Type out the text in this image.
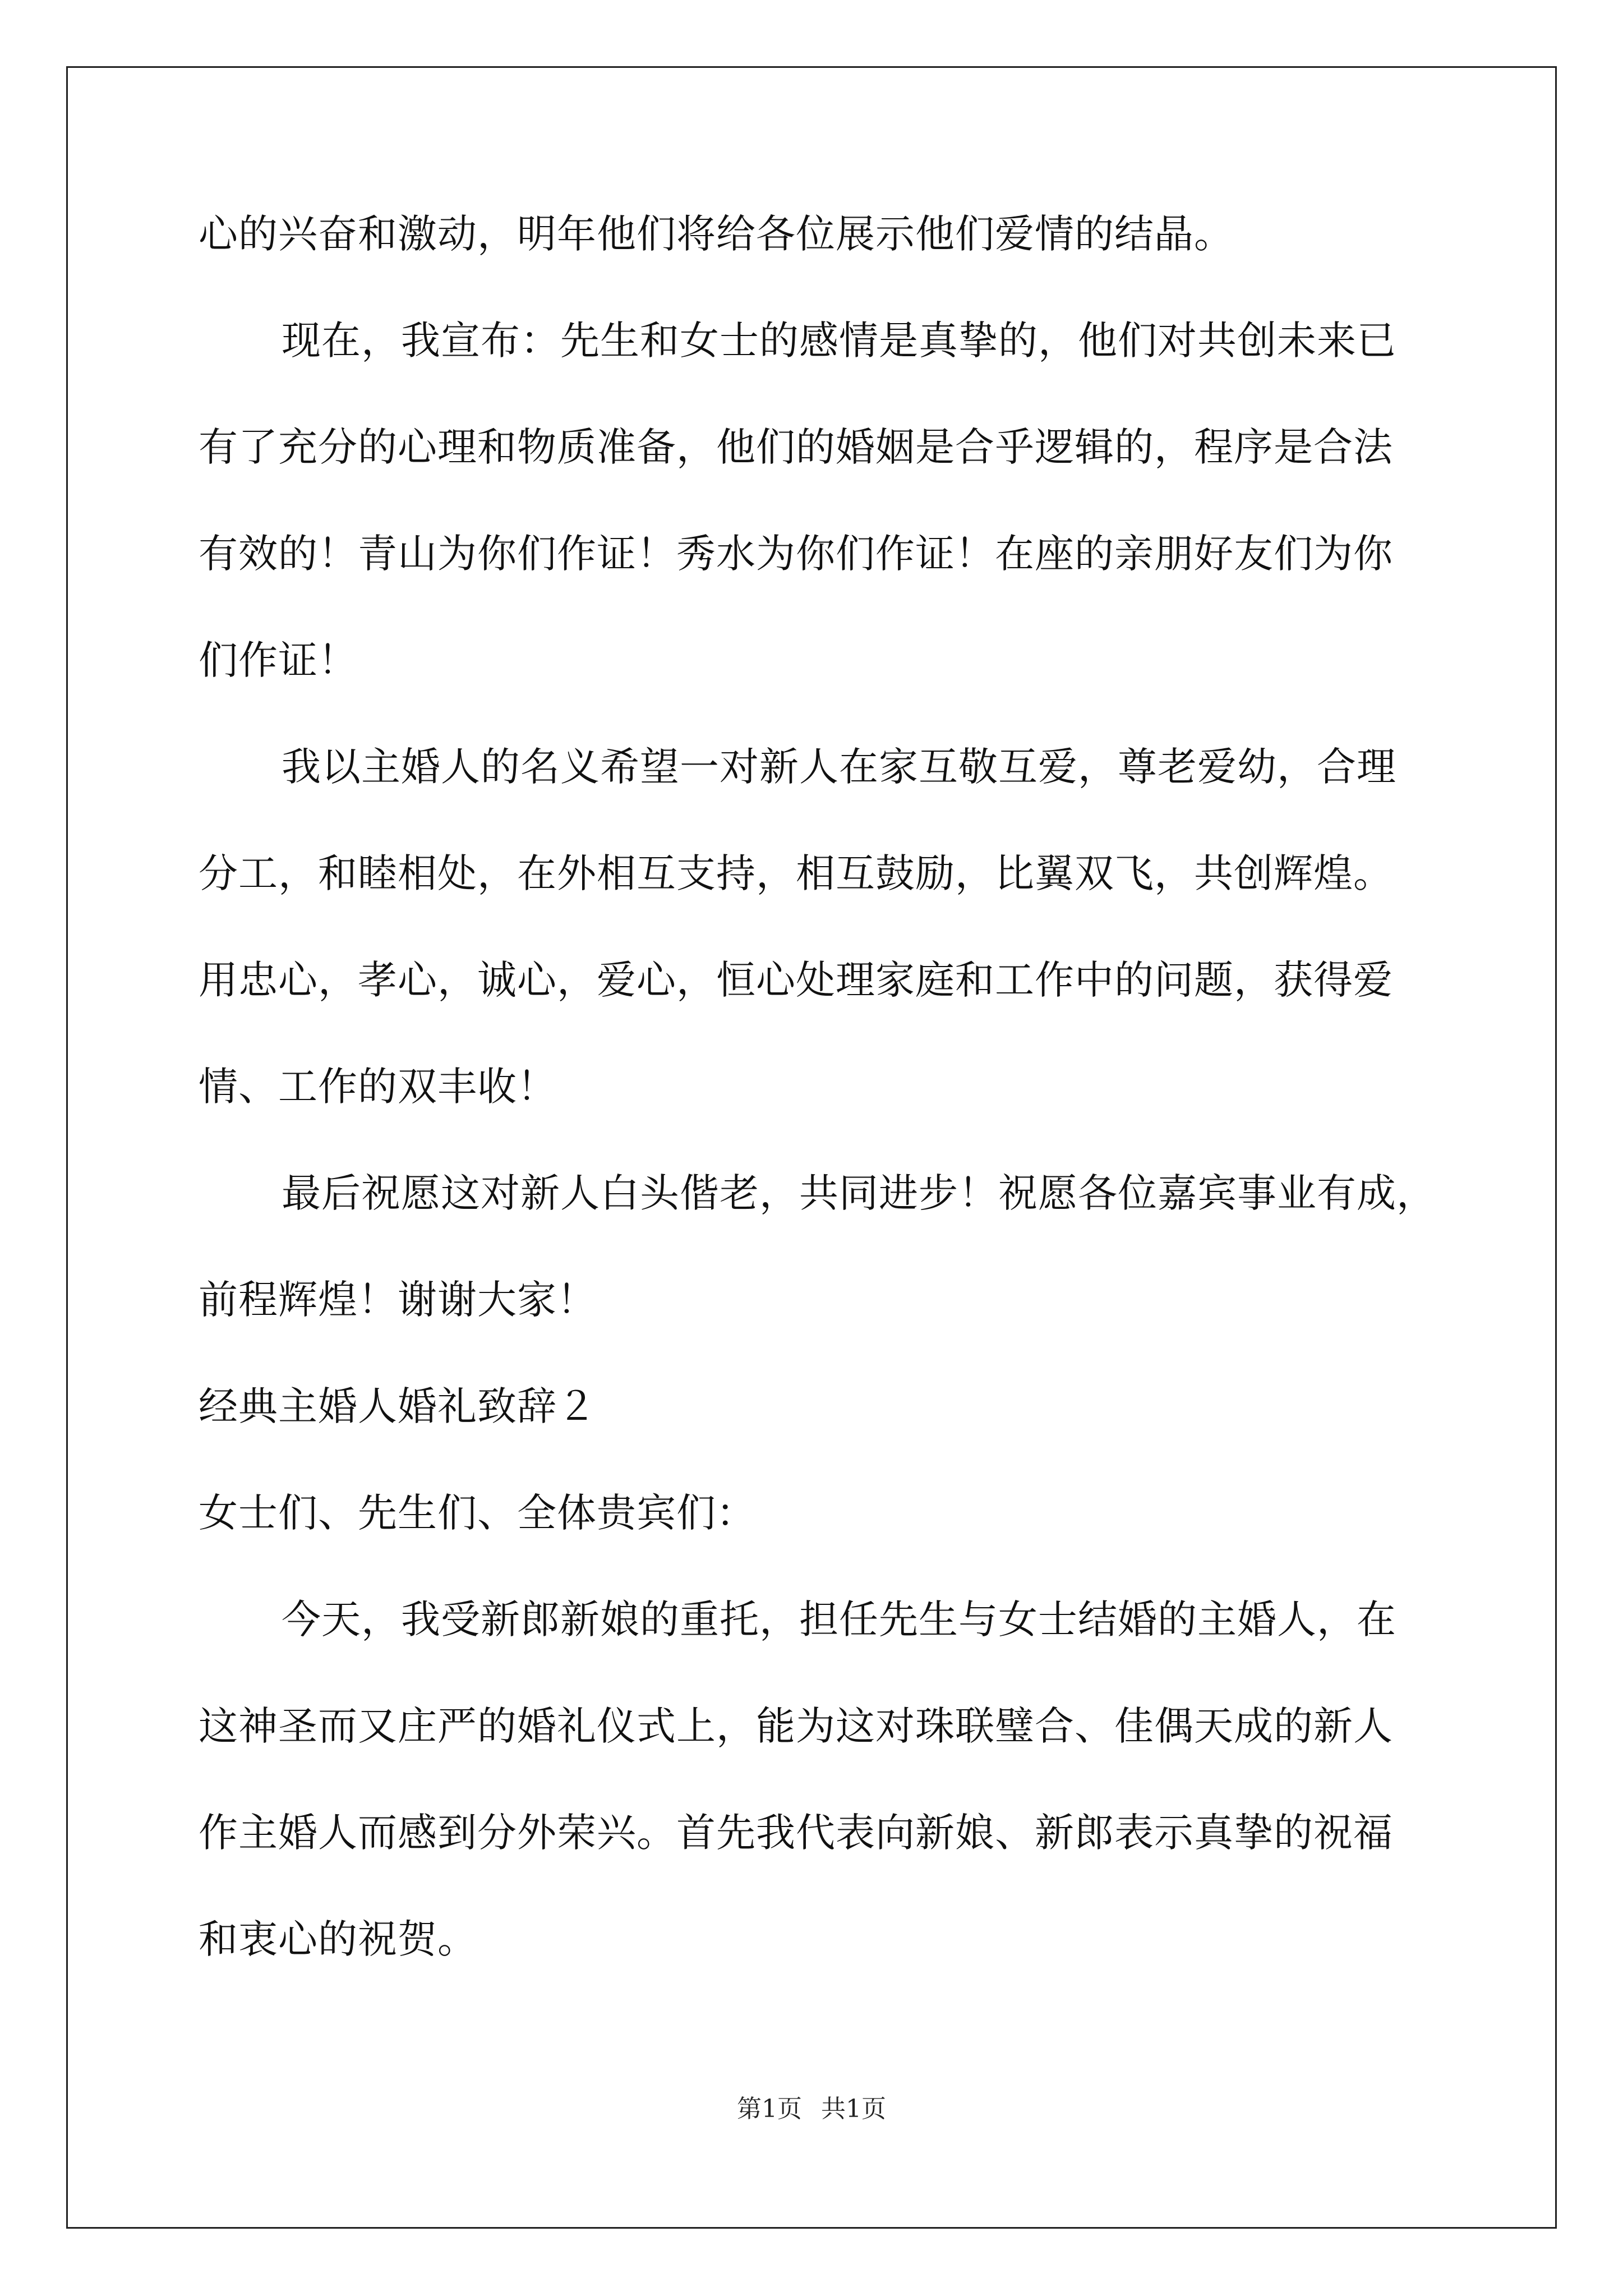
心的兴奋和激动，明年他们将给各位展示他们爱情的结晶。
现在，我宣布：先生和女士的感情是真挚的，他们对共创未来已
有了充分的心理和物质准备，他们的婚姻是合乎逻辑的，程序是合法
有效的！青山为你们作证！秀水为你们作证！在座的亲朋好友们为你
们作证！
我以主婚人的名义希望一对新人在家互敬互爱，尊老爱幼，合理
分工，和睦相处，在外相互支持，相互鼓励，比翼双飞，共创辉煌。
用忠心，孝心，诚心，爱心，恒心处理家庭和工作中的问题，获得爱
情、工作的双丰收！
最后祝愿这对新人白头偕老，共同进步！祝愿各位嘉宾事业有成，
前程辉煌！谢谢大家！
经典主婚人婚礼致辞２
女士们、先生们、全体贵宾们：
今天，我受新郎新娘的重托，担任先生与女士结婚的主婚人，在
这神圣而又庄严的婚礼仪式上，能为这对珠联璧合、佳偶天成的新人
作主婚人而感到分外荣兴。首先我代表向新娘、新郎表示真挚的祝福
和衷心的祝贺。
第1页 共1页
